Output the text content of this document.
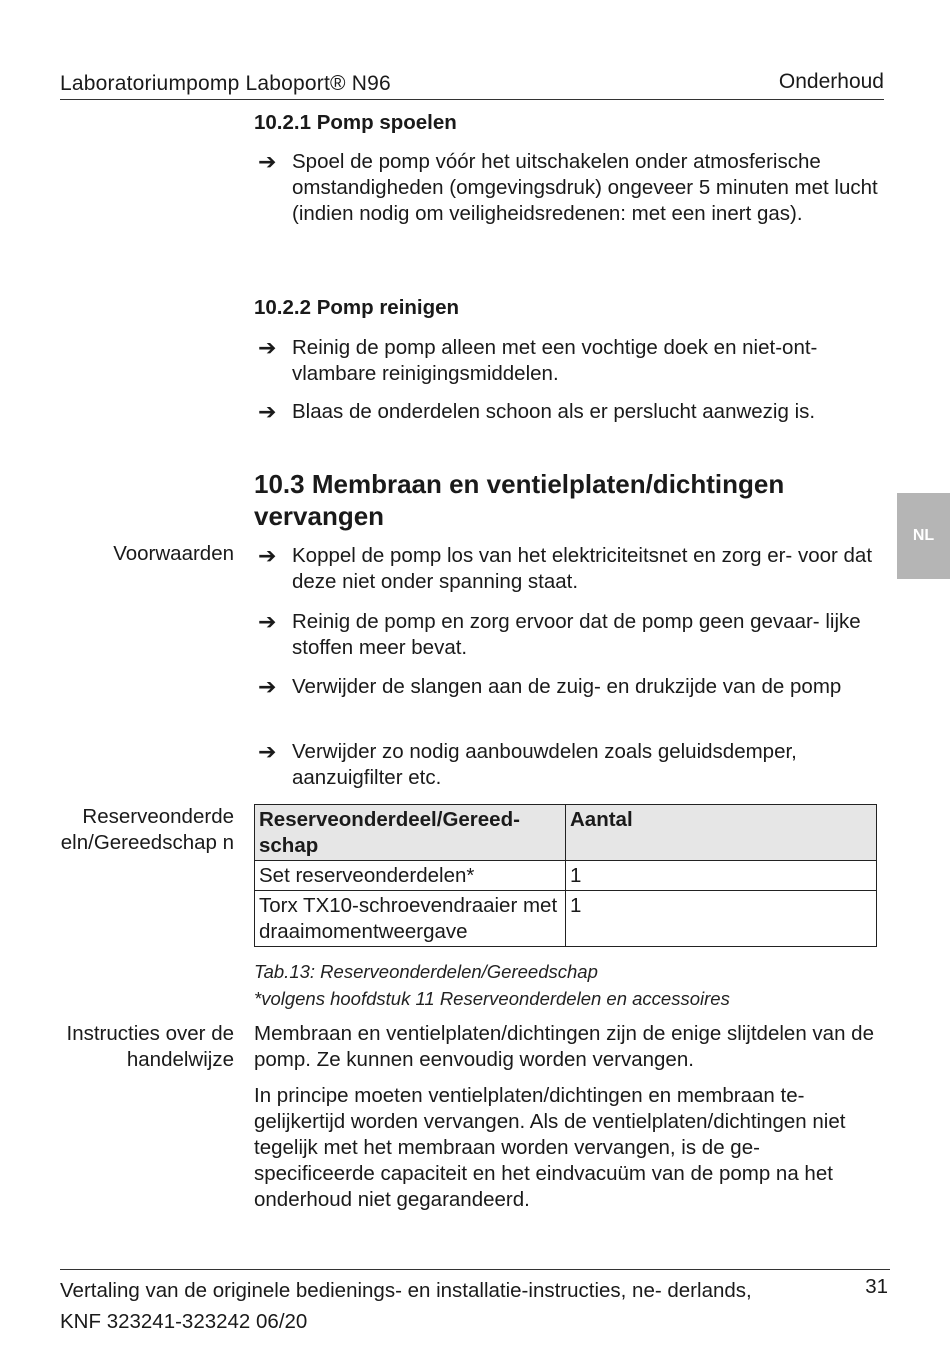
Laboratoriumpomp Laboport® N96	Onderhoud
NL
10.2.1 Pomp spoelen
➔ Spoel de pomp vóór het uitschakelen onder atmosferische omstandigheden (omgevingsdruk) ongeveer 5 minuten met lucht (indien nodig om veiligheidsredenen: met een inert gas).
10.2.2 Pomp reinigen
➔ Reinig de pomp alleen met een vochtige doek en niet-ont- vlambare reinigingsmiddelen.
➔ Blaas de onderdelen schoon als er perslucht aanwezig is.
10.3 Membraan en ventielplaten/dichtingen vervangen
Voorwaarden ➔ Koppel de pomp los van het elektriciteitsnet en zorg er- voor dat deze niet onder spanning staat.
➔ Reinig de pomp en zorg ervoor dat de pomp geen gevaar- lijke stoffen meer bevat.
➔ Verwijder de slangen aan de zuig- en drukzijde van de pomp
➔ Verwijder zo nodig aanbouwdelen zoals geluidsdemper, aanzuigfilter etc.
Reserveonderde eln/Gereedschap n
Reserveonderdeel/Gereed- schap	Aantal
Set reserveonderdelen*	1
Torx TX10-schroevendraaier met draaimomentweergave	1
Tab.13: Reserveonderdelen/Gereedschap
*volgens hoofdstuk 11 Reserveonderdelen en accessoires
Instructies over de handelwijze
Membraan en ventielplaten/dichtingen zijn de enige slijtdelen van de pomp. Ze kunnen eenvoudig worden vervangen.
In principe moeten ventielplaten/dichtingen en membraan te- gelijkertijd worden vervangen. Als de ventielplaten/dichtingen niet tegelijk met het membraan worden vervangen, is de ge- specificeerde capaciteit en het eindvacuüm van de pomp na het onderhoud niet gegarandeerd.
Vertaling van de originele bedienings- en installatie-instructies, ne- derlands, KNF 323241-323242 06/20
31
